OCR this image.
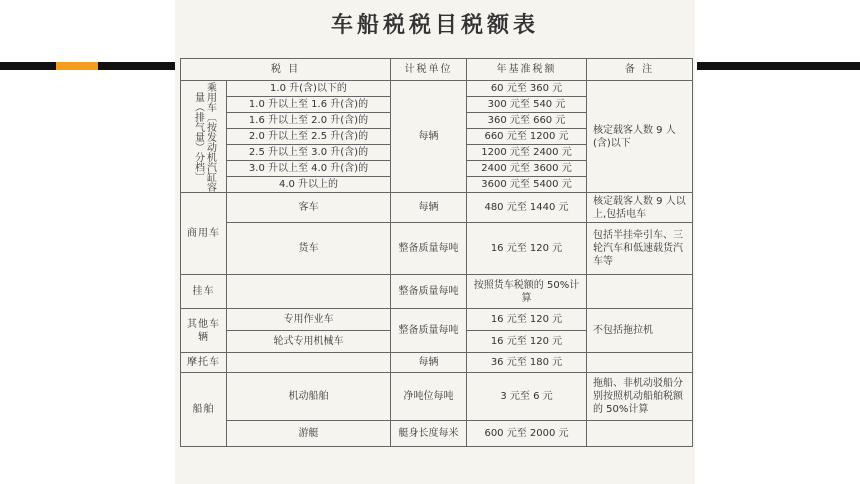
车船税税目税额表
税 目		计税单位	年基准税额	备 注

乘用车〔按发动机汽缸容量（排气量）分档〕	1.0 升(含)以下的	每辆	60 元至 360 元	核定载客人数 9 人(含)以下
	1.0 升以上至 1.6 升(含)的		300 元至 540 元	
	1.6 升以上至 2.0 升(含)的		360 元至 660 元	
	2.0 升以上至 2.5 升(含)的		660 元至 1200 元	
	2.5 升以上至 3.0 升(含)的		1200 元至 2400 元	
	3.0 升以上至 4.0 升(含)的		2400 元至 3600 元	
	4.0 升以上的		3600 元至 5400 元	
商用车	客车	每辆	480 元至 1440 元	核定载客人数 9 人以上,包括电车
	货车	整备质量每吨	16 元至 120 元	包括半挂牵引车、三轮汽车和低速载货汽车等
挂车		整备质量每吨	按照货车税额的 50%计算	
其他车辆	专用作业车	整备质量每吨	16 元至 120 元	不包括拖拉机
	轮式专用机械车		16 元至 120 元	
摩托车		每辆	36 元至 180 元	
船舶	机动船舶	净吨位每吨	3 元至 6 元	拖船、非机动驳船分别按照机动船舶税额的 50%计算
	游艇	艇身长度每米	600 元至 2000 元	
